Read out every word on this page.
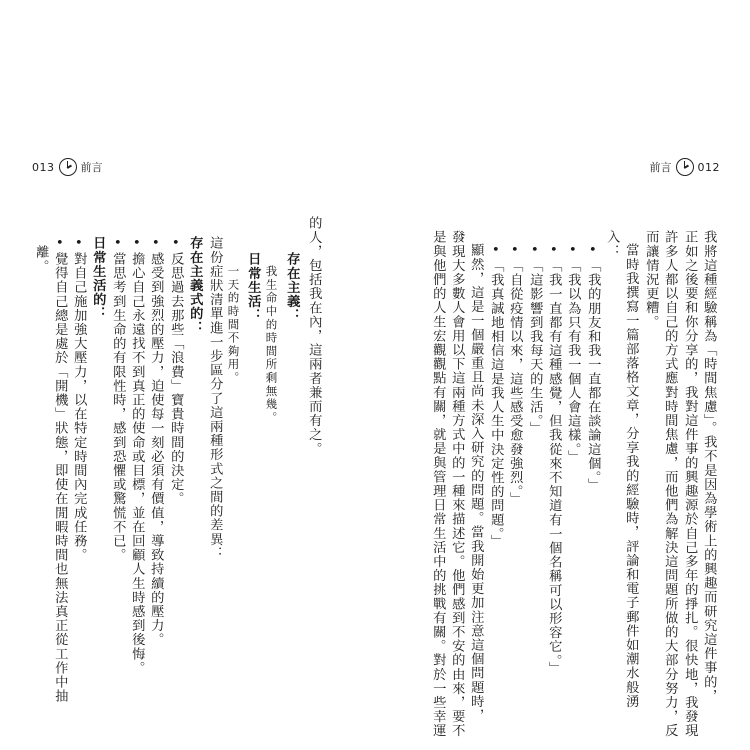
013 前言
的人，包括我在內，這兩者兼而有之。
存在主義：
我生命中的時間所剩無幾。
日常生活：
一天的時間不夠用。
這份症狀清單進一步區分了這兩種形式之間的差異：
存在主義式的：
•反思過去那些「浪費」寶貴時間的決定。
•感受到強烈的壓力，迫使每一刻必須有價值，導致持續的壓力。
•擔心自己永遠找不到真正的使命或目標，並在回顧人生時感到後悔。
•當思考到生命的有限性時，感到恐懼或驚慌不已。
日常生活的：
•對自己施加強大壓力，以在特定時間內完成任務。
•覺得自己總是處於「開機」狀態，即使在閒暇時間也無法真正從工作中抽
離。
前言 012
我將這種經驗稱為「時間焦慮」。我不是因為學術上的興趣而研究這件事的，
正如之後要和你分享的，我對這件事的興趣源於自己多年的掙扎。很快地，我發現
許多人都以自己的方式應對時間焦慮，而他們為解決這問題所做的大部分努力，反
而讓情況更糟。
當時我撰寫一篇部落格文章，分享我的經驗時，評論和電子郵件如潮水般湧
入：
•「我的朋友和我一直都在談論這個。」
•「我以為只有我一個人會這樣。」
•「我一直都有這種感覺，但我從來不知道有一個名稱可以形容它。」
•「這影響到我每天的生活。」
•「自從疫情以來，這些感受愈發強烈。」
•「我真誠地相信這是我人生中決定性的問題。」
顯然，這是一個嚴重且尚未深入研究的問題。當我開始更加注意這個問題時，
發現大多數人會用以下這兩種方式中的一種來描述它。他們感到不安的由來，要不
是與他們的人生宏觀觀點有關，就是與管理日常生活中的挑戰有關。對於一些幸運
